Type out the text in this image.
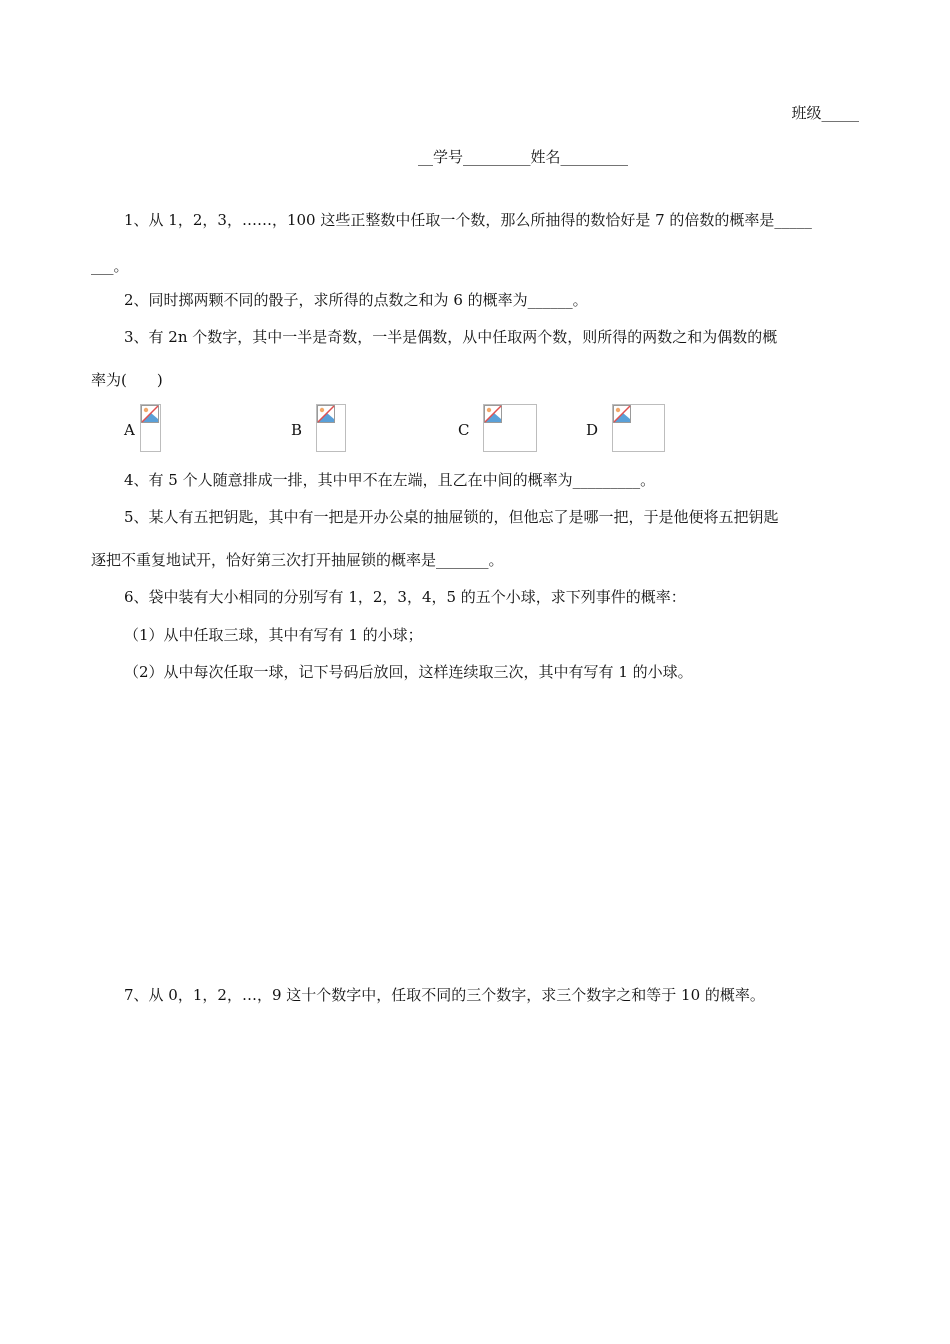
班级_____
__学号_________姓名_________
1、从 1，2，3，……，100 这些正整数中任取一个数，那么所抽得的数恰好是 7 的倍数的概率是_____
___。
2、同时掷两颗不同的骰子，求所得的点数之和为 6 的概率为______。
3、有 2n 个数字，其中一半是奇数，一半是偶数，从中任取两个数，则所得的两数之和为偶数的概
率为(　　)
A	B	C	D
4、有 5 个人随意排成一排，其中甲不在左端，且乙在中间的概率为_________。
5、某人有五把钥匙，其中有一把是开办公桌的抽屉锁的，但他忘了是哪一把，于是他便将五把钥匙
逐把不重复地试开，恰好第三次打开抽屉锁的概率是_______。
6、袋中装有大小相同的分别写有 1，2，3，4，5 的五个小球，求下列事件的概率：
（1）从中任取三球，其中有写有 1 的小球；
（2）从中每次任取一球，记下号码后放回，这样连续取三次，其中有写有 1 的小球。
7、从 0，1，2，…，9 这十个数字中，任取不同的三个数字，求三个数字之和等于 10 的概率。
